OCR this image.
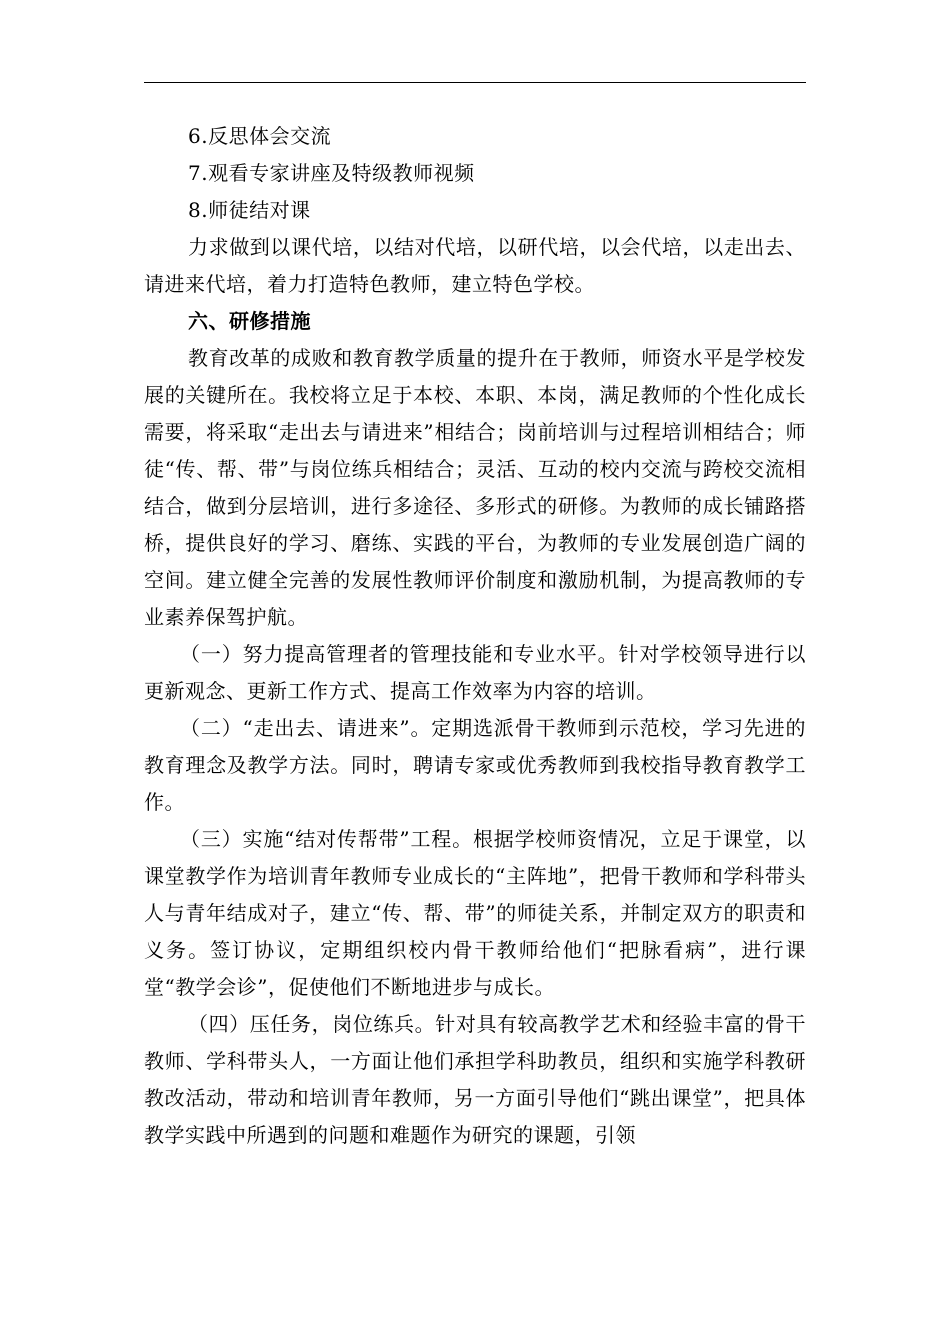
6.反思体会交流

7.观看专家讲座及特级教师视频

8.师徒结对课

力求做到以课代培，以结对代培，以研代培，以会代培，以走出去、请进来代培，着力打造特色教师，建立特色学校。

六、研修措施

教育改革的成败和教育教学质量的提升在于教师，师资水平是学校发展的关键所在。我校将立足于本校、本职、本岗，满足教师的个性化成长需要，将采取“走出去与请进来”相结合；岗前培训与过程培训相结合；师徒“传、帮、带”与岗位练兵相结合；灵活、互动的校内交流与跨校交流相结合，做到分层培训，进行多途径、多形式的研修。为教师的成长铺路搭桥，提供良好的学习、磨练、实践的平台，为教师的专业发展创造广阔的空间。建立健全完善的发展性教师评价制度和激励机制，为提高教师的专业素养保驾护航。

（一）努力提高管理者的管理技能和专业水平。针对学校领导进行以更新观念、更新工作方式、提高工作效率为内容的培训。

（二）“走出去、请进来”。定期选派骨干教师到示范校，学习先进的教育理念及教学方法。同时，聘请专家或优秀教师到我校指导教育教学工作。

（三）实施“结对传帮带”工程。根据学校师资情况，立足于课堂，以课堂教学作为培训青年教师专业成长的“主阵地”，把骨干教师和学科带头人与青年结成对子，建立“传、帮、带”的师徒关系，并制定双方的职责和义务。签订协议，定期组织校内骨干教师给他们“把脉看病”，进行课堂“教学会诊”，促使他们不断地进步与成长。

（四）压任务，岗位练兵。针对具有较高教学艺术和经验丰富的骨干教师、学科带头人，一方面让他们承担学科助教员，组织和实施学科教研教改活动，带动和培训青年教师，另一方面引导他们“跳出课堂”，把具体教学实践中所遇到的问题和难题作为研究的课题，引领
